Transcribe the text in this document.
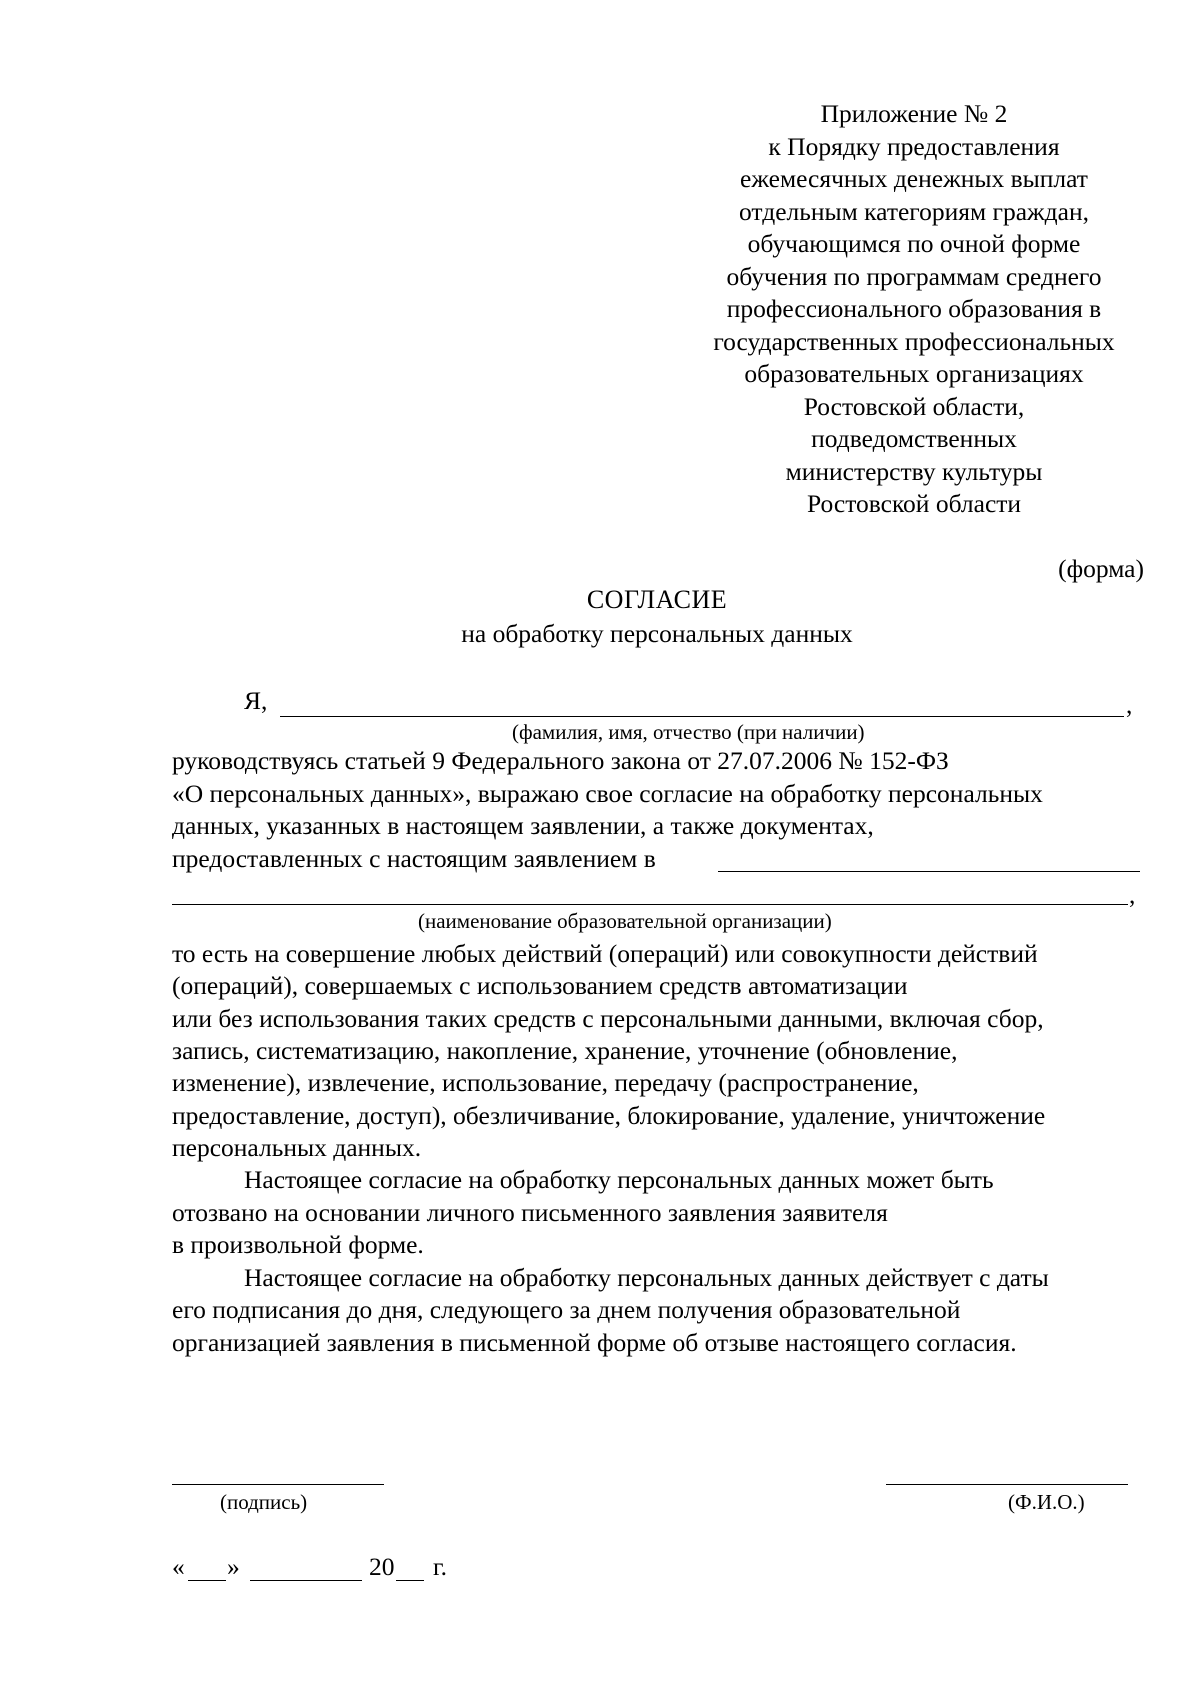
Приложение № 2
к Порядку предоставления
ежемесячных денежных выплат
отдельным категориям граждан,
обучающимся по очной форме
обучения по программам среднего
профессионального образования в
государственных профессиональных
образовательных организациях
Ростовской области,
подведомственных
министерству культуры
Ростовской области
(форма)
СОГЛАСИЕ
на обработку персональных данных
Я,	,
(фамилия, имя, отчество (при наличии)
руководствуясь статьей 9 Федерального закона от 27.07.2006 № 152-ФЗ
«О персональных данных», выражаю свое согласие на обработку персональных
данных, указанных в настоящем заявлении, а также документах,
предоставленных с настоящим заявлением в
,
(наименование образовательной организации)
то есть на совершение любых действий (операций) или совокупности действий
(операций), совершаемых с использованием средств автоматизации
или без использования таких средств с персональными данными, включая сбор,
запись, систематизацию, накопление, хранение, уточнение (обновление,
изменение), извлечение, использование, передачу (распространение,
предоставление, доступ), обезличивание, блокирование, удаление, уничтожение
персональных данных.
Настоящее согласие на обработку персональных данных может быть
отозвано на основании личного письменного заявления заявителя
в произвольной форме.
Настоящее согласие на обработку персональных данных действует с даты
его подписания до дня, следующего за днем получения образовательной
организацией заявления в письменной форме об отзыве настоящего согласия.
(подпись)	(Ф.И.О.)
« »	20 г.
